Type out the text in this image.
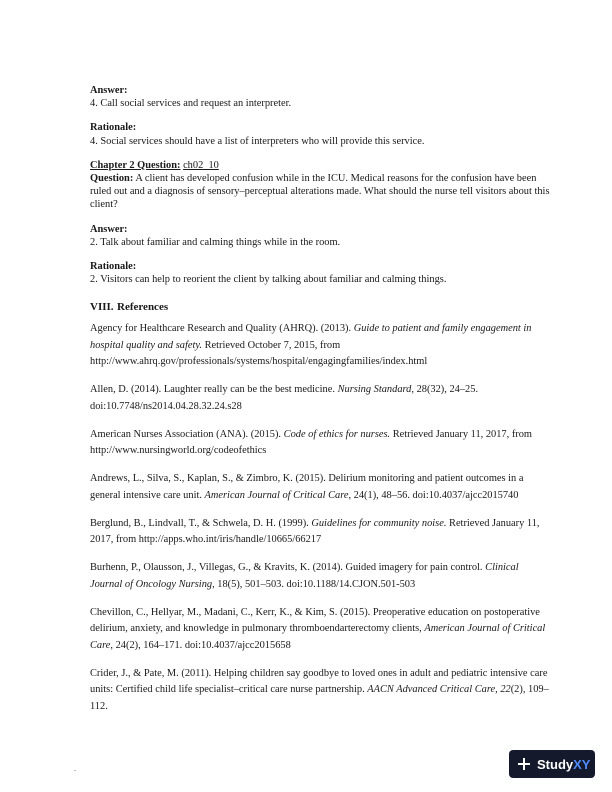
Answer:
4. Call social services and request an interpreter.
Rationale:
4. Social services should have a list of interpreters who will provide this service.
Chapter 2 Question: ch02_10
Question: A client has developed confusion while in the ICU. Medical reasons for the confusion have been ruled out and a diagnosis of sensory–perceptual alterations made. What should the nurse tell visitors about this client?
Answer:
2. Talk about familiar and calming things while in the room.
Rationale:
2. Visitors can help to reorient the client by talking about familiar and calming things.
VIII. References
Agency for Healthcare Research and Quality (AHRQ). (2013). Guide to patient and family engagement in hospital quality and safety. Retrieved October 7, 2015, from http://www.ahrq.gov/professionals/systems/hospital/engagingfamilies/index.html
Allen, D. (2014). Laughter really can be the best medicine. Nursing Standard, 28(32), 24–25. doi:10.7748/ns2014.04.28.32.24.s28
American Nurses Association (ANA). (2015). Code of ethics for nurses. Retrieved January 11, 2017, from http://www.nursingworld.org/codeofethics
Andrews, L., Silva, S., Kaplan, S., & Zimbro, K. (2015). Delirium monitoring and patient outcomes in a general intensive care unit. American Journal of Critical Care, 24(1), 48–56. doi:10.4037/ajcc2015740
Berglund, B., Lindvall, T., & Schwela, D. H. (1999). Guidelines for community noise. Retrieved January 11, 2017, from http://apps.who.int/iris/handle/10665/66217
Burhenn, P., Olausson, J., Villegas, G., & Kravits, K. (2014). Guided imagery for pain control. Clinical Journal of Oncology Nursing, 18(5), 501–503. doi:10.1188/14.CJON.501-503
Chevillon, C., Hellyar, M., Madani, C., Kerr, K., & Kim, S. (2015). Preoperative education on postoperative delirium, anxiety, and knowledge in pulmonary thromboendarterectomy clients, American Journal of Critical Care, 24(2), 164–171. doi:10.4037/ajcc2015658
Crider, J., & Pate, M. (2011). Helping children say goodbye to loved ones in adult and pediatric intensive care units: Certified child life specialist–critical care nurse partnership. AACN Advanced Critical Care, 22(2), 109–112.
.	StudyXY
